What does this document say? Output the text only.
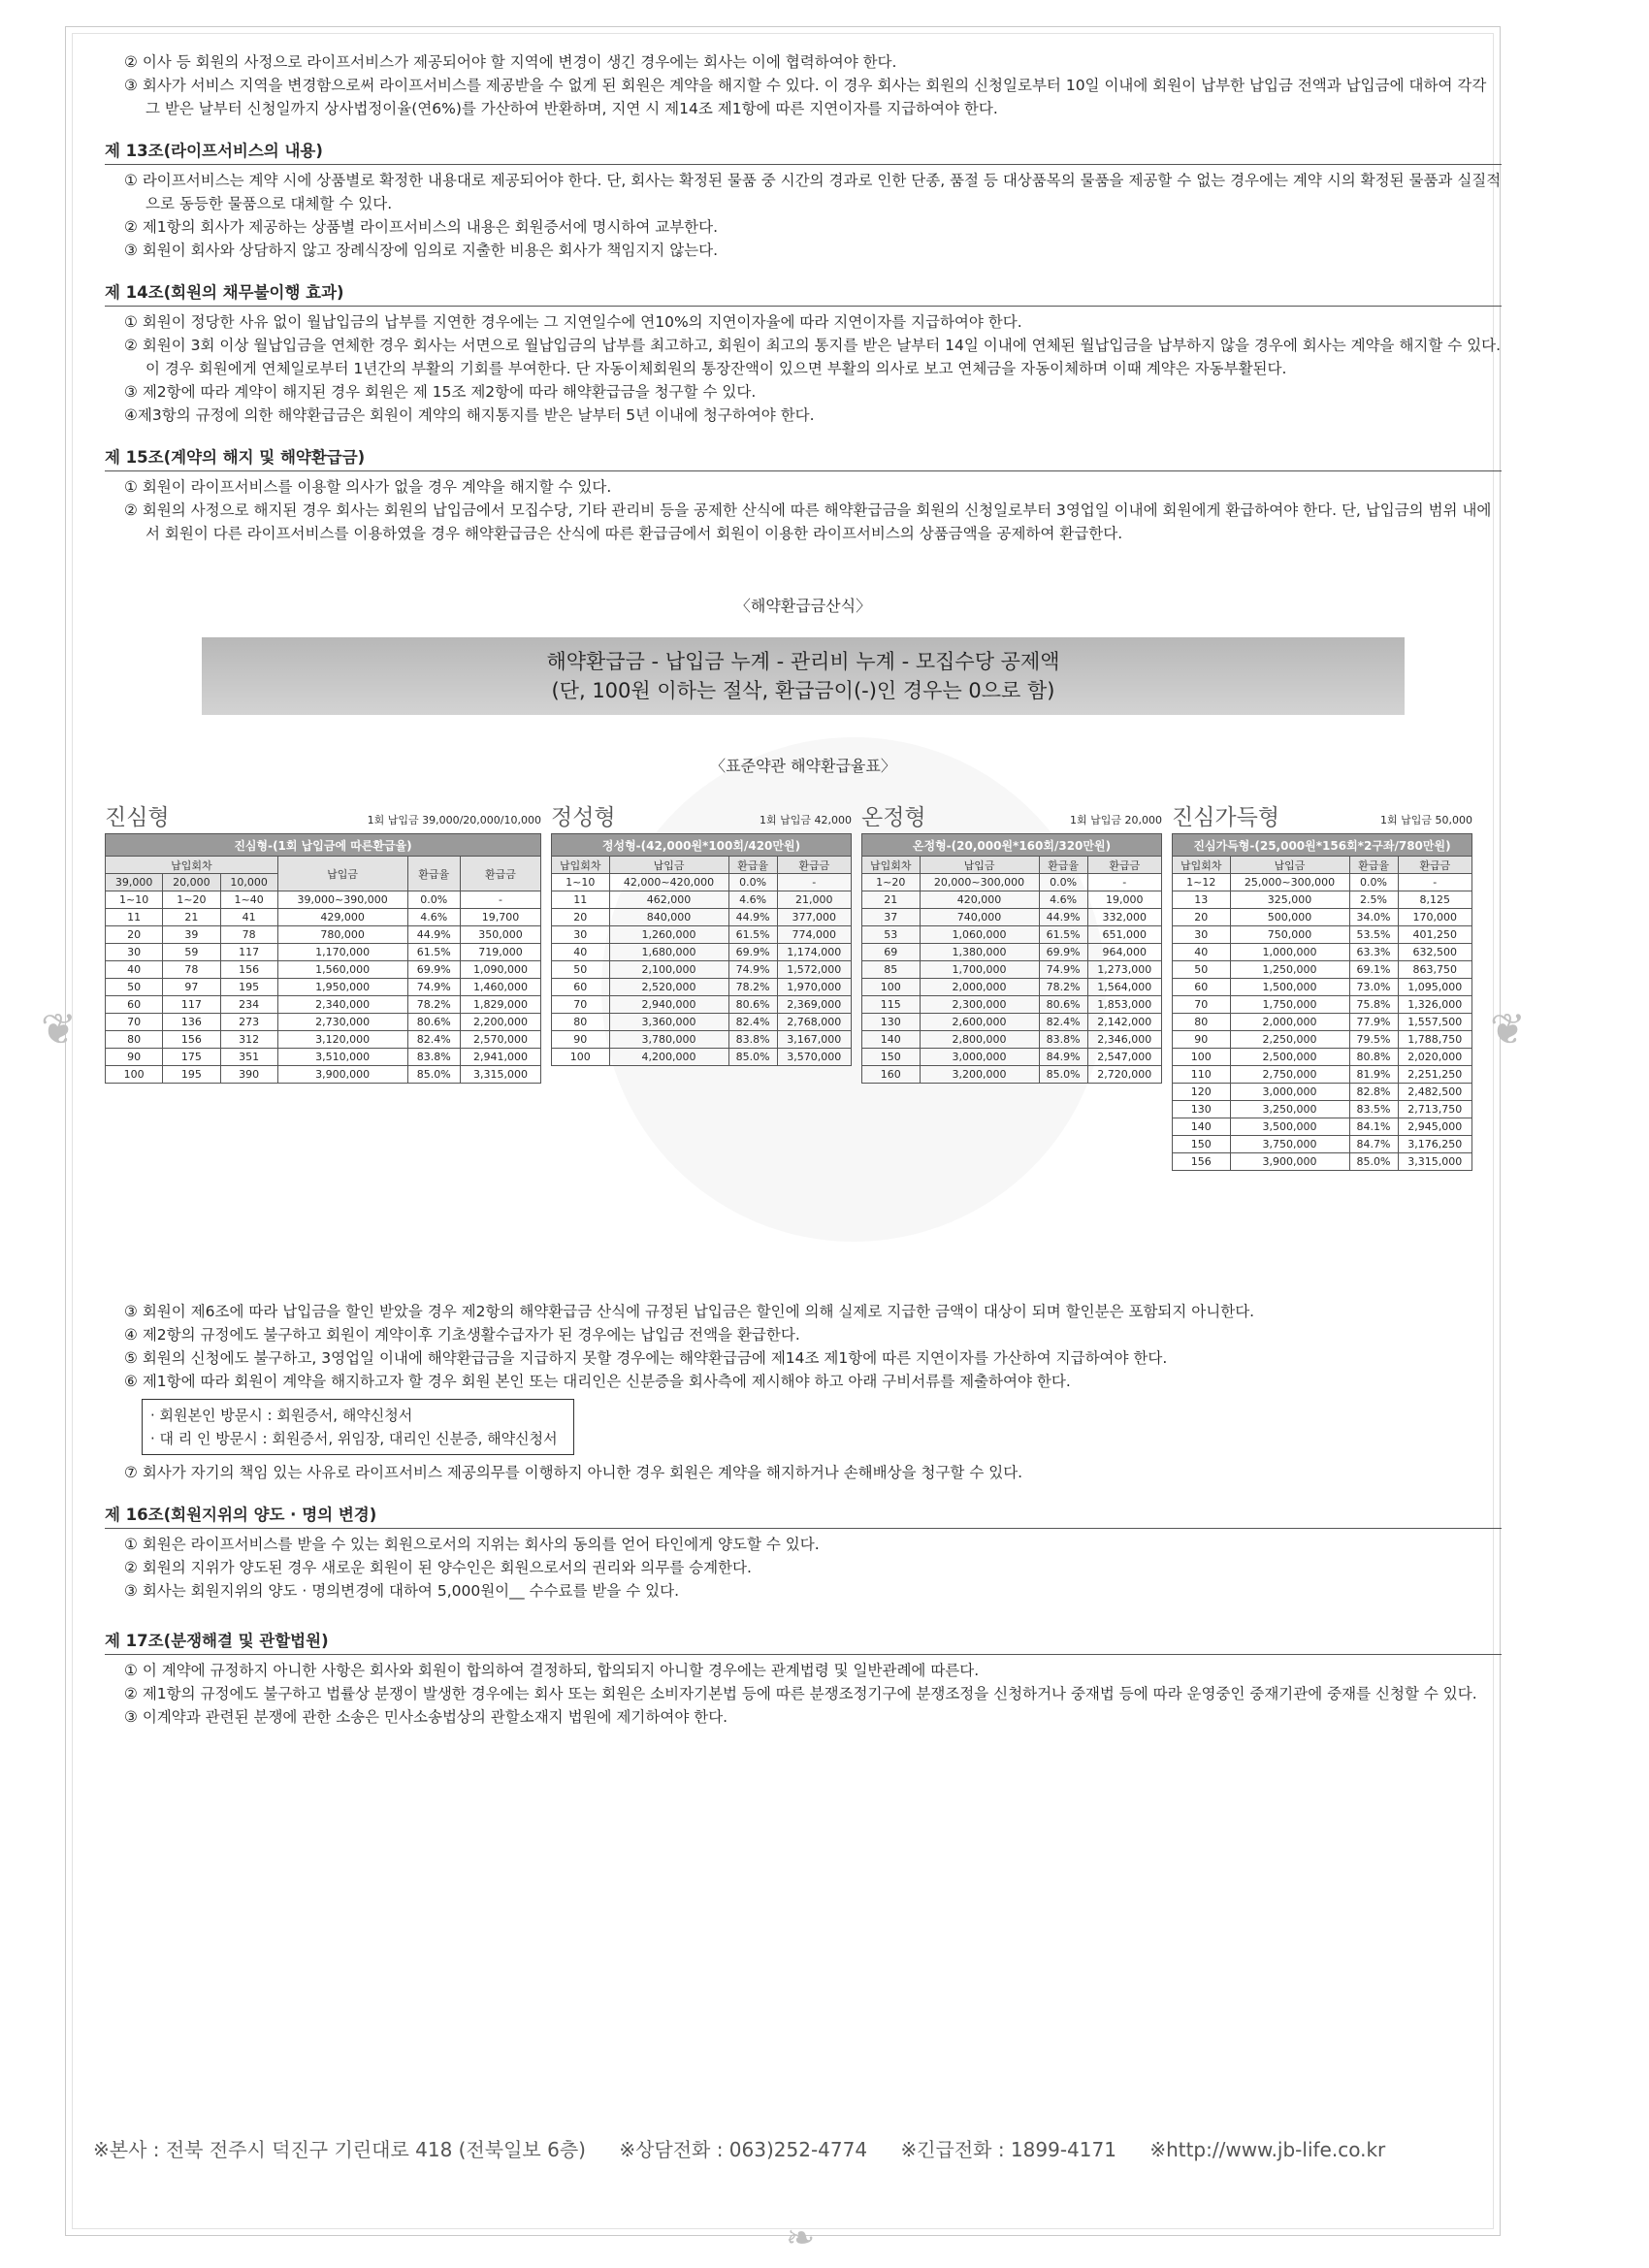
❦	❦
❧

② 이사 등 회원의 사정으로 라이프서비스가 제공되어야 할 지역에 변경이 생긴 경우에는 회사는 이에 협력하여야 한다.

③ 회사가 서비스 지역을 변경함으로써 라이프서비스를 제공받을 수 없게 된 회원은 계약을 해지할 수 있다. 이 경우 회사는 회원의 신청일로부터 10일 이내에 회원이 납부한 납입금 전액과 납입금에 대하여 각각 그 받은 날부터 신청일까지 상사법정이율(연6%)를 가산하여 반환하며, 지연 시 제14조 제1항에 따른 지연이자를 지급하여야 한다.

제 13조(라이프서비스의 내용)

① 라이프서비스는 계약 시에 상품별로 확정한 내용대로 제공되어야 한다. 단, 회사는 확정된 물품 중 시간의 경과로 인한 단종, 품절 등 대상품목의 물품을 제공할 수 없는 경우에는 계약 시의 확정된 물품과 실질적으로 동등한 물품으로 대체할 수 있다.

② 제1항의 회사가 제공하는 상품별 라이프서비스의 내용은 회원증서에 명시하여 교부한다.

③ 회원이 회사와 상담하지 않고 장례식장에 임의로 지출한 비용은 회사가 책임지지 않는다.

제 14조(회원의 채무불이행 효과)

① 회원이 정당한 사유 없이 월납입금의 납부를 지연한 경우에는 그 지연일수에 연10%의 지연이자율에 따라 지연이자를 지급하여야 한다.

② 회원이 3회 이상 월납입금을 연체한 경우 회사는 서면으로 월납입금의 납부를 최고하고, 회원이 최고의 통지를 받은 날부터 14일 이내에 연체된 월납입금을 납부하지 않을 경우에 회사는 계약을 해지할 수 있다. 이 경우 회원에게 연체일로부터 1년간의 부활의 기회를 부여한다. 단 자동이체회원의 통장잔액이 있으면 부활의 의사로 보고 연체금을 자동이체하며 이때 계약은 자동부활된다.

③ 제2항에 따라 계약이 해지된 경우 회원은 제 15조 제2항에 따라 해약환급금을 청구할 수 있다.

④제3항의 규정에 의한 해약환급금은 회원이 계약의 해지통지를 받은 날부터 5년 이내에 청구하여야 한다.

제 15조(계약의 해지 및 해약환급금)

① 회원이 라이프서비스를 이용할 의사가 없을 경우 계약을 해지할 수 있다.

② 회원의 사정으로 해지된 경우 회사는 회원의 납입금에서 모집수당, 기타 관리비 등을 공제한 산식에 따른 해약환급금을 회원의 신청일로부터 3영업일 이내에 회원에게 환급하여야 한다. 단, 납입금의 범위 내에서 회원이 다른 라이프서비스를 이용하였을 경우 해약환급금은 산식에 따른 환급금에서 회원이 이용한 라이프서비스의 상품금액을 공제하여 환급한다.

〈해약환급금산식〉
해약환급금 - 납입금 누계 - 관리비 누계 - 모집수당 공제액
(단, 100원 이하는 절삭, 환급금이(-)인 경우는 0으로 함)
〈표준약관 해약환급율표〉
진심형	1회 납입금 39,000/20,000/10,000
진심형-(1회 납입금에 따른환급율)					
납입회차			납입금	환급율	환급금
39,000	20,000	10,000			
1~10	1~20	1~40	39,000~390,000	0.0%	-
11	21	41	429,000	4.6%	19,700
20	39	78	780,000	44.9%	350,000
30	59	117	1,170,000	61.5%	719,000
40	78	156	1,560,000	69.9%	1,090,000
50	97	195	1,950,000	74.9%	1,460,000
60	117	234	2,340,000	78.2%	1,829,000
70	136	273	2,730,000	80.6%	2,200,000
80	156	312	3,120,000	82.4%	2,570,000
90	175	351	3,510,000	83.8%	2,941,000
100	195	390	3,900,000	85.0%	3,315,000
정성형	1회 납입금 42,000
정성형-(42,000원*100회/420만원)			
납입회차	납입금	환급율	환급금
1~10	42,000~420,000	0.0%	-
11	462,000	4.6%	21,000
20	840,000	44.9%	377,000
30	1,260,000	61.5%	774,000
40	1,680,000	69.9%	1,174,000
50	2,100,000	74.9%	1,572,000
60	2,520,000	78.2%	1,970,000
70	2,940,000	80.6%	2,369,000
80	3,360,000	82.4%	2,768,000
90	3,780,000	83.8%	3,167,000
100	4,200,000	85.0%	3,570,000
온정형	1회 납입금 20,000
온정형-(20,000원*160회/320만원)			
납입회차	납입금	환급율	환급금
1~20	20,000~300,000	0.0%	-
21	420,000	4.6%	19,000
37	740,000	44.9%	332,000
53	1,060,000	61.5%	651,000
69	1,380,000	69.9%	964,000
85	1,700,000	74.9%	1,273,000
100	2,000,000	78.2%	1,564,000
115	2,300,000	80.6%	1,853,000
130	2,600,000	82.4%	2,142,000
140	2,800,000	83.8%	2,346,000
150	3,000,000	84.9%	2,547,000
160	3,200,000	85.0%	2,720,000
진심가득형	1회 납입금 50,000
진심가득형-(25,000원*156회*2구좌/780만원)			
납입회차	납입금	환급율	환급금
1~12	25,000~300,000	0.0%	-
13	325,000	2.5%	8,125
20	500,000	34.0%	170,000
30	750,000	53.5%	401,250
40	1,000,000	63.3%	632,500
50	1,250,000	69.1%	863,750
60	1,500,000	73.0%	1,095,000
70	1,750,000	75.8%	1,326,000
80	2,000,000	77.9%	1,557,500
90	2,250,000	79.5%	1,788,750
100	2,500,000	80.8%	2,020,000
110	2,750,000	81.9%	2,251,250
120	3,000,000	82.8%	2,482,500
130	3,250,000	83.5%	2,713,750
140	3,500,000	84.1%	2,945,000
150	3,750,000	84.7%	3,176,250
156	3,900,000	85.0%	3,315,000

③ 회원이 제6조에 따라 납입금을 할인 받았을 경우 제2항의 해약환급금 산식에 규정된 납입금은 할인에 의해 실제로 지급한 금액이 대상이 되며 할인분은 포함되지 아니한다.

④ 제2항의 규정에도 불구하고 회원이 계약이후 기초생활수급자가 된 경우에는 납입금 전액을 환급한다.

⑤ 회원의 신청에도 불구하고, 3영업일 이내에 해약환급금을 지급하지 못할 경우에는 해약환급금에 제14조 제1항에 따른 지연이자를 가산하여 지급하여야 한다.

⑥ 제1항에 따라 회원이 계약을 해지하고자 할 경우 회원 본인 또는 대리인은 신분증을 회사측에 제시해야 하고 아래 구비서류를 제출하여야 한다.

· 회원본인 방문시 : 회원증서, 해약신청서
· 대 리 인 방문시 : 회원증서, 위임장, 대리인 신분증, 해약신청서

⑦ 회사가 자기의 책임 있는 사유로 라이프서비스 제공의무를 이행하지 아니한 경우 회원은 계약을 해지하거나 손해배상을 청구할 수 있다.

제 16조(회원지위의 양도 · 명의 변경)

① 회원은 라이프서비스를 받을 수 있는 회원으로서의 지위는 회사의 동의를 얻어 타인에게 양도할 수 있다.

② 회원의 지위가 양도된 경우 새로운 회원이 된 양수인은 회원으로서의 권리와 의무를 승계한다.

③ 회사는 회원지위의 양도 · 명의변경에 대하여 5,000원이__ 수수료를 받을 수 있다.

제 17조(분쟁해결 및 관할법원)

① 이 계약에 규정하지 아니한 사항은 회사와 회원이 합의하여 결정하되, 합의되지 아니할 경우에는 관계법령 및 일반관례에 따른다.

② 제1항의 규정에도 불구하고 법률상 분쟁이 발생한 경우에는 회사 또는 회원은 소비자기본법 등에 따른 분쟁조정기구에 분쟁조정을 신청하거나 중재법 등에 따라 운영중인 중재기관에 중재를 신청할 수 있다.

③ 이계약과 관련된 분쟁에 관한 소송은 민사소송법상의 관할소재지 법원에 제기하여야 한다.

※본사 : 전북 전주시 덕진구 기린대로 418 (전북일보 6층) ※상담전화 : 063)252-4774 ※긴급전화 : 1899-4171 ※http://www.jb-life.co.kr
